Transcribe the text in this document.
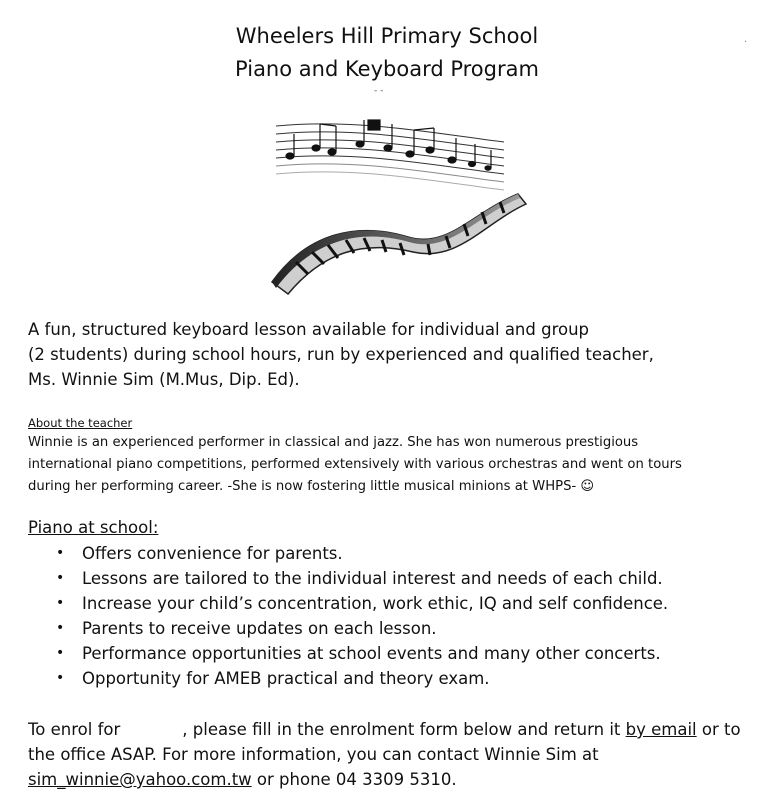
Wheelers Hill Primary School
Piano and Keyboard Program
- -
.
A fun, structured keyboard lesson available for individual and group
(2 students) during school hours, run by experienced and qualified teacher,
Ms. Winnie Sim (M.Mus, Dip. Ed).
About the teacher
Winnie is an experienced performer in classical and jazz. She has won numerous prestigious
international piano competitions, performed extensively with various orchestras and went on tours
during her performing career. -She is now fostering little musical minions at WHPS- ☺
Piano at school:
• Offers convenience for parents.
• Lessons are tailored to the individual interest and needs of each child.
• Increase your child’s concentration, work ethic, IQ and self confidence.
• Parents to receive updates on each lesson.
• Performance opportunities at school events and many other concerts.
• Opportunity for AMEB practical and theory exam.
To enrol for	, please fill in the enrolment form below and return it by email or to
the office ASAP. For more information, you can contact Winnie Sim at
sim_winnie@yahoo.com.tw or phone 04 3309 5310.
